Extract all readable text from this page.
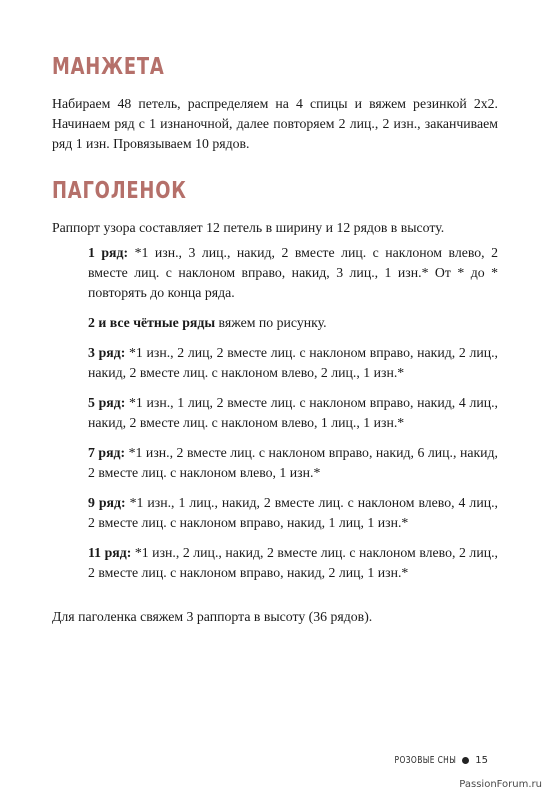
МАНЖЕТА

Набираем 48 петель, распределяем на 4 спицы и вяжем резинкой 2х2. Начинаем ряд с 1 изнаночной, далее повторяем 2 лиц., 2 изн., заканчиваем ряд 1 изн. Провязываем 10 рядов.

ПАГОЛЕНОК

Раппорт узора составляет 12 петель в ширину и 12 рядов в высоту.

1 ряд: *1 изн., 3 лиц., накид, 2 вместе лиц. с наклоном влево, 2 вместе лиц. с наклоном вправо, накид, 3 лиц., 1 изн.* От * до * повторять до конца ряда.

2 и все чётные ряды вяжем по рисунку.

3 ряд: *1 изн., 2 лиц, 2 вместе лиц. с наклоном вправо, накид, 2 лиц., накид, 2 вместе лиц. с наклоном влево, 2 лиц., 1 изн.*

5 ряд: *1 изн., 1 лиц, 2 вместе лиц. с наклоном вправо, накид, 4 лиц., накид, 2 вместе лиц. с наклоном влево, 1 лиц., 1 изн.*

7 ряд: *1 изн., 2 вместе лиц. с наклоном вправо, накид, 6 лиц., накид, 2 вместе лиц. с наклоном влево, 1 изн.*

9 ряд: *1 изн., 1 лиц., накид, 2 вместе лиц. с наклоном влево, 4 лиц., 2 вместе лиц. с наклоном вправо, накид, 1 лиц, 1 изн.*

11 ряд: *1 изн., 2 лиц., накид, 2 вместе лиц. с наклоном влево, 2 лиц., 2 вместе лиц. с наклоном вправо, накид, 2 лиц, 1 изн.*

Для паголенка свяжем 3 раппорта в высоту (36 рядов).

РОЗОВЫЕ СНЫ 15
PassionForum.ru
